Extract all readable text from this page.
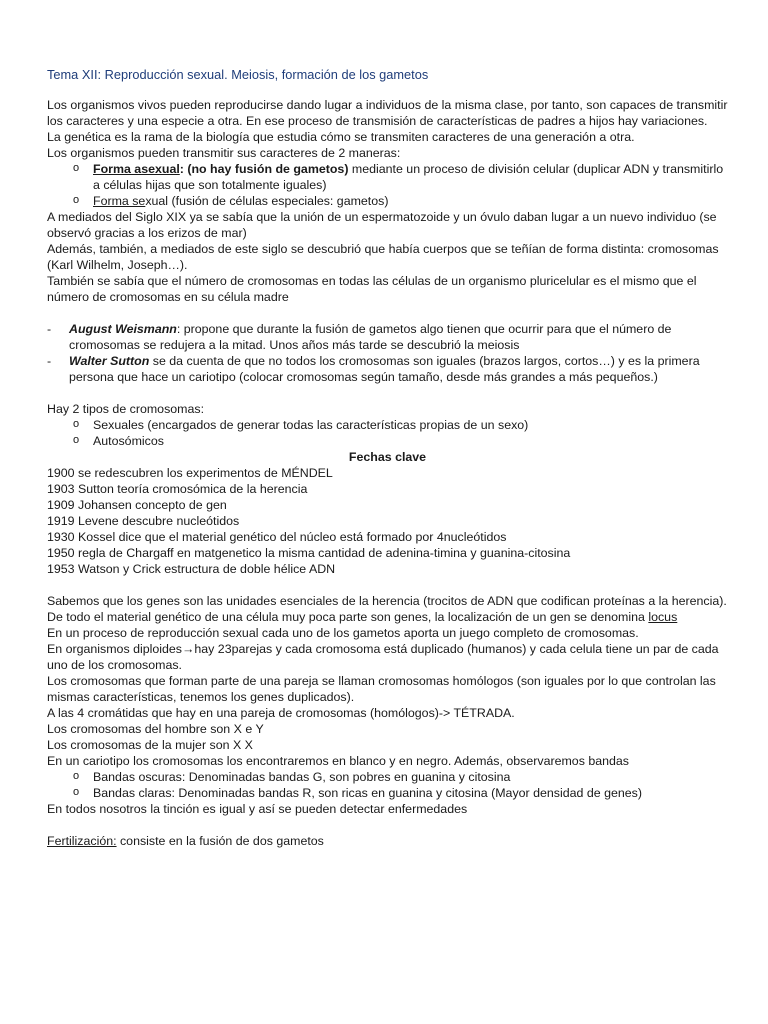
Tema XII: Reproducción sexual. Meiosis, formación de los gametos

Los organismos vivos pueden reproducirse dando lugar a individuos de la misma clase, por tanto, son capaces de transmitir los caracteres y una especie a otra. En ese proceso de transmisión de características de padres a hijos hay variaciones.

La genética es la rama de la biología que estudia cómo se transmiten caracteres de una generación a otra.

Los organismos pueden transmitir sus caracteres de 2 maneras:

o Forma asexual: (no hay fusión de gametos) mediante un proceso de división celular (duplicar ADN y transmitirlo a células hijas que son totalmente iguales)
o Forma sexual (fusión de células especiales: gametos)

A mediados del Siglo XIX ya se sabía que la unión de un espermatozoide y un óvulo daban lugar a un nuevo individuo (se observó gracias a los erizos de mar)

Además, también, a mediados de este siglo se descubrió que había cuerpos que se teñían de forma distinta: cromosomas (Karl Wilhelm, Joseph…).

También se sabía que el número de cromosomas en todas las células de un organismo pluricelular es el mismo que el número de cromosomas en su célula madre

- August Weismann: propone que durante la fusión de gametos algo tienen que ocurrir para que el número de cromosomas se redujera a la mitad. Unos años más tarde se descubrió la meiosis
- Walter Sutton se da cuenta de que no todos los cromosomas son iguales (brazos largos, cortos…) y es la primera persona que hace un cariotipo (colocar cromosomas según tamaño, desde más grandes a más pequeños.)

Hay 2 tipos de cromosomas:

o Sexuales (encargados de generar todas las características propias de un sexo)
o Autosómicos

Fechas clave

1900 se redescubren los experimentos de MÉNDEL

1903 Sutton teoría cromosómica de la herencia

1909 Johansen concepto de gen

1919 Levene descubre nucleótidos

1930 Kossel dice que el material genético del núcleo está formado por 4nucleótidos

1950 regla de Chargaff en matgenetico la misma cantidad de adenina-timina y guanina-citosina

1953 Watson y Crick estructura de doble hélice ADN

Sabemos que los genes son las unidades esenciales de la herencia (trocitos de ADN que codifican proteínas a la herencia). De todo el material genético de una célula muy poca parte son genes, la localización de un gen se denomina locus

En un proceso de reproducción sexual cada uno de los gametos aporta un juego completo de cromosomas.

En organismos diploides→hay 23parejas y cada cromosoma está duplicado (humanos) y cada celula tiene un par de cada uno de los cromosomas.

Los cromosomas que forman parte de una pareja se llaman cromosomas homólogos (son iguales por lo que controlan las mismas características, tenemos los genes duplicados).

A las 4 cromátidas que hay en una pareja de cromosomas (homólogos)-> TÉTRADA.

Los cromosomas del hombre son X e Y

Los cromosomas de la mujer son X X

En un cariotipo los cromosomas los encontraremos en blanco y en negro. Además, observaremos bandas

o Bandas oscuras: Denominadas bandas G, son pobres en guanina y citosina
o Bandas claras: Denominadas bandas R, son ricas en guanina y citosina (Mayor densidad de genes)

En todos nosotros la tinción es igual y así se pueden detectar enfermedades

Fertilización: consiste en la fusión de dos gametos
